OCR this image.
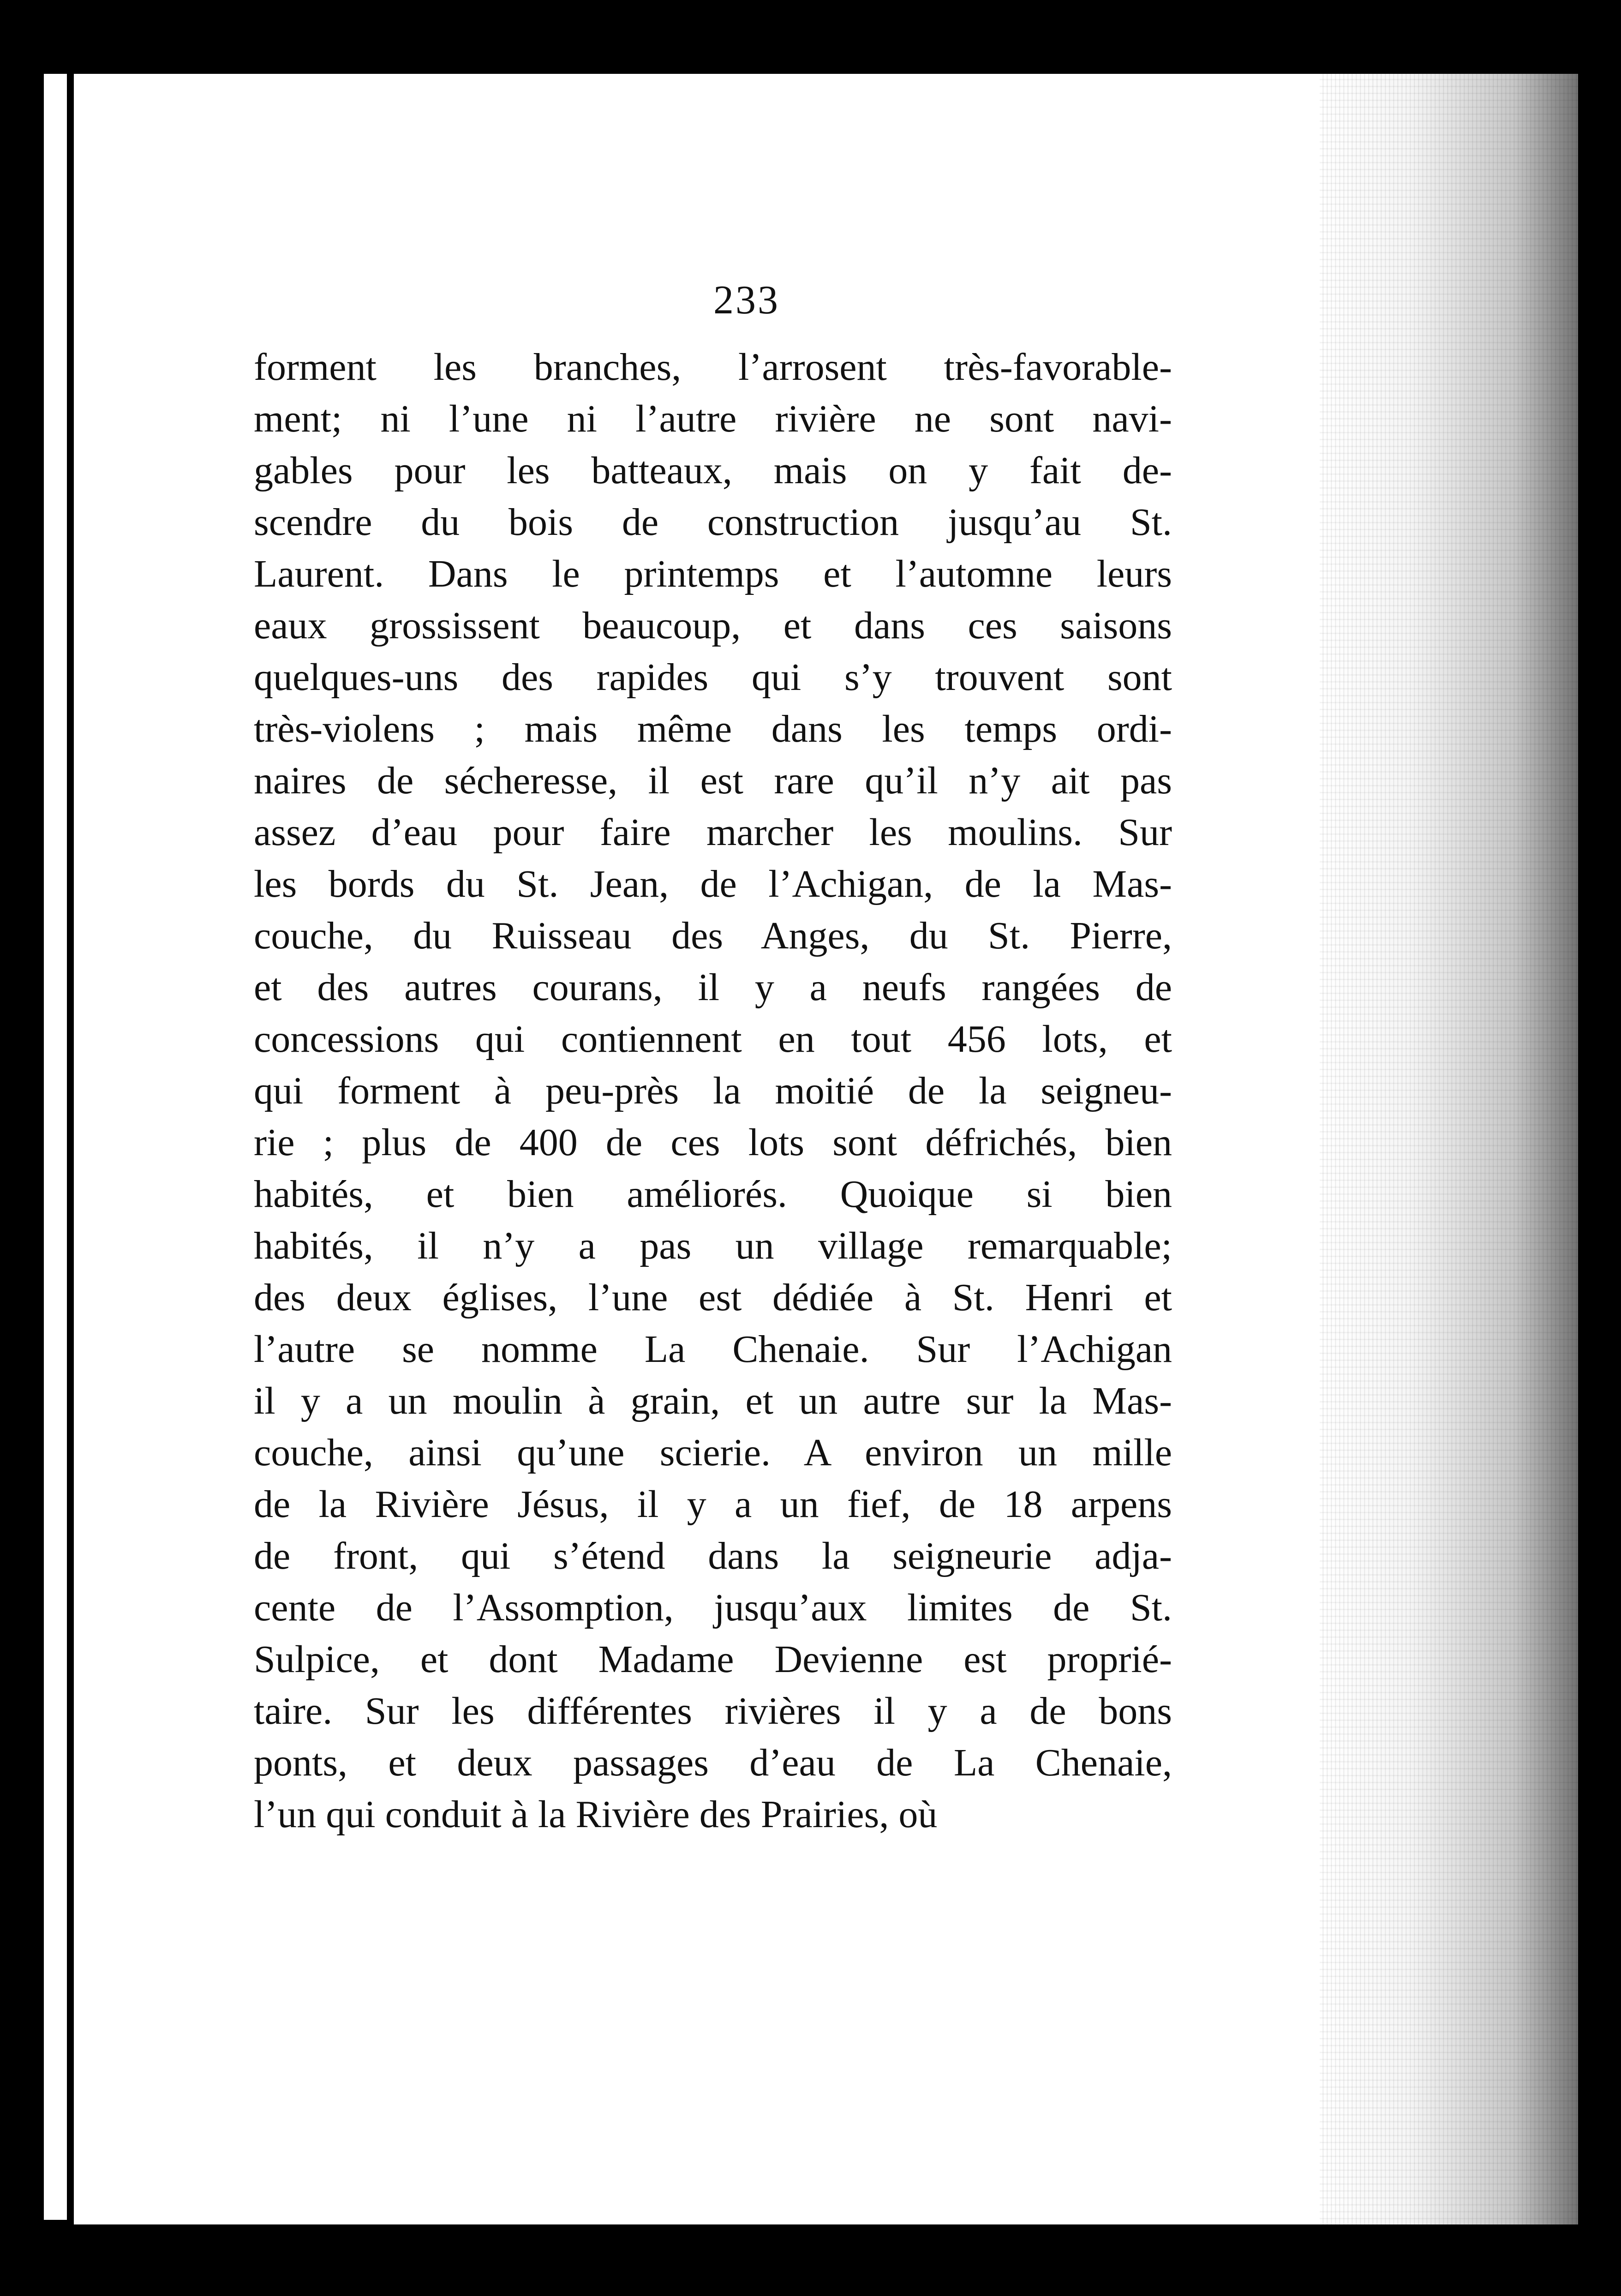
233
forment les branches, l’arrosent très-favorable-
ment; ni l’une ni l’autre rivière ne sont navi-
gables pour les batteaux, mais on y fait de-
scendre du bois de construction jusqu’au St.
Laurent. Dans le printemps et l’automne leurs
eaux grossissent beaucoup, et dans ces saisons
quelques-uns des rapides qui s’y trouvent sont
très-violens ; mais même dans les temps ordi-
naires de sécheresse, il est rare qu’il n’y ait pas
assez d’eau pour faire marcher les moulins. Sur
les bords du St. Jean, de l’Achigan, de la Mas-
couche, du Ruisseau des Anges, du St. Pierre,
et des autres courans, il y a neufs rangées de
concessions qui contiennent en tout 456 lots, et
qui forment à peu-près la moitié de la seigneu-
rie ; plus de 400 de ces lots sont défrichés, bien
habités, et bien améliorés. Quoique si bien
habités, il n’y a pas un village remarquable;
des deux églises, l’une est dédiée à St. Henri et
l’autre se nomme La Chenaie. Sur l’Achigan
il y a un moulin à grain, et un autre sur la Mas-
couche, ainsi qu’une scierie. A environ un mille
de la Rivière Jésus, il y a un fief, de 18 arpens
de front, qui s’étend dans la seigneurie adja-
cente de l’Assomption, jusqu’aux limites de St.
Sulpice, et dont Madame Devienne est proprié-
taire. Sur les différentes rivières il y a de bons
ponts, et deux passages d’eau de La Chenaie,
l’un qui conduit à la Rivière des Prairies, où
